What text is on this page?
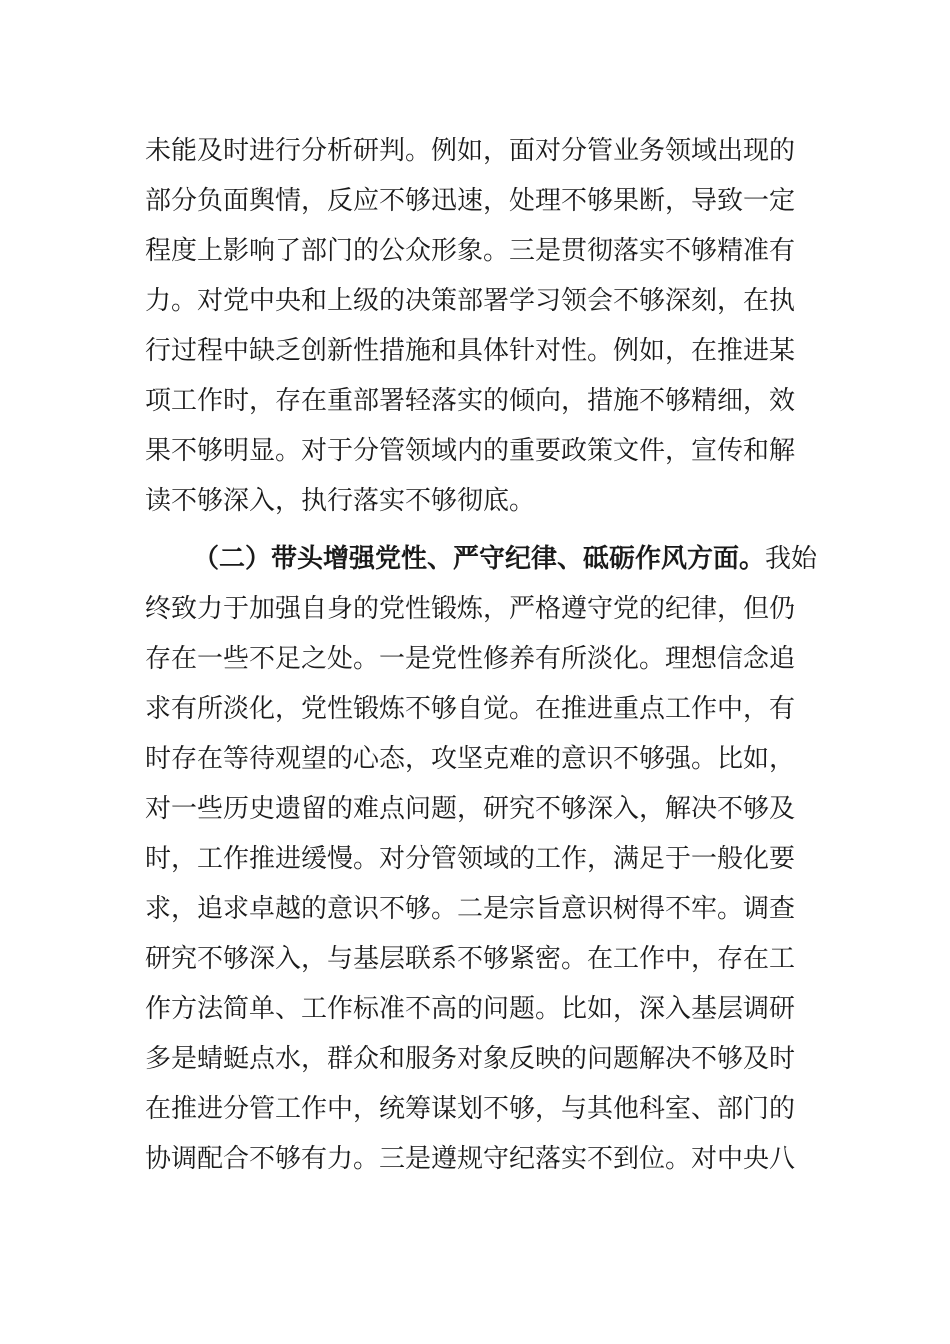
未能及时进行分析研判。例如，面对分管业务领域出现的
部分负面舆情，反应不够迅速，处理不够果断，导致一定
程度上影响了部门的公众形象。三是贯彻落实不够精准有
力。对党中央和上级的决策部署学习领会不够深刻，在执
行过程中缺乏创新性措施和具体针对性。例如，在推进某
项工作时，存在重部署轻落实的倾向，措施不够精细，效
果不够明显。对于分管领域内的重要政策文件，宣传和解
读不够深入，执行落实不够彻底。
（二）带头增强党性、严守纪律、砥砺作风方面。我始
终致力于加强自身的党性锻炼，严格遵守党的纪律，但仍
存在一些不足之处。一是党性修养有所淡化。理想信念追
求有所淡化，党性锻炼不够自觉。在推进重点工作中，有
时存在等待观望的心态，攻坚克难的意识不够强。比如，
对一些历史遗留的难点问题，研究不够深入，解决不够及
时，工作推进缓慢。对分管领域的工作，满足于一般化要
求，追求卓越的意识不够。二是宗旨意识树得不牢。调查
研究不够深入，与基层联系不够紧密。在工作中，存在工
作方法简单、工作标准不高的问题。比如，深入基层调研
多是蜻蜓点水，群众和服务对象反映的问题解决不够及时
在推进分管工作中，统筹谋划不够，与其他科室、部门的
协调配合不够有力。三是遵规守纪落实不到位。对中央八
